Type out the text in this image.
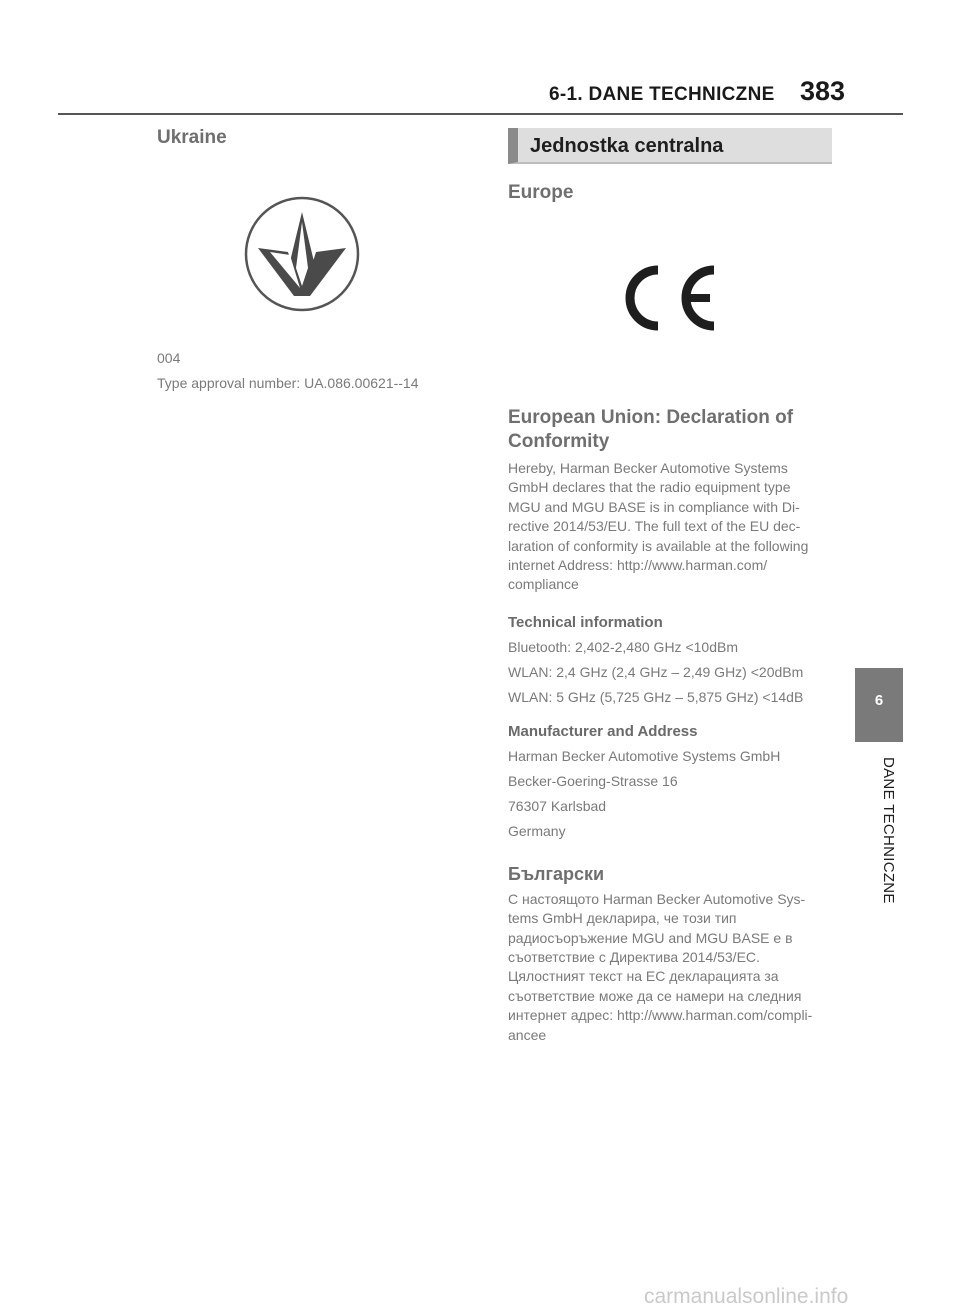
6-1. DANE TECHNICZNE 383
Ukraine
004
Type approval number: UA.086.00621--14
Jednostka centralna
Europe
European Union: Declaration of
Conformity

Hereby, Harman Becker Automotive Systems

GmbH declares that the radio equipment type

MGU and MGU BASE is in compliance with Di-

rective 2014/53/EU. The full text of the EU dec-

laration of conformity is available at the following

internet Address: http://www.harman.com/

compliance

Technical information

Bluetooth: 2,402-2,480 GHz <10dBm

WLAN: 2,4 GHz (2,4 GHz – 2,49 GHz) <20dBm

WLAN: 5 GHz (5,725 GHz – 5,875 GHz) <14dB

Manufacturer and Address

Harman Becker Automotive Systems GmbH

Becker-Goering-Strasse 16

76307 Karlsbad

Germany

Български

С настоящото Harman Becker Automotive Sys-

tems GmbH декларира, че този тип

радиосъоръжение MGU and MGU BASE е в

съответствие с Директива 2014/53/ЕС.

Цялостният текст на ЕС декларацията за

съответствие може да се намери на следния

интернет адрес: http://www.harman.com/compli-

ancee

6
DANE TECHNICZNE
carmanualsonline.info
